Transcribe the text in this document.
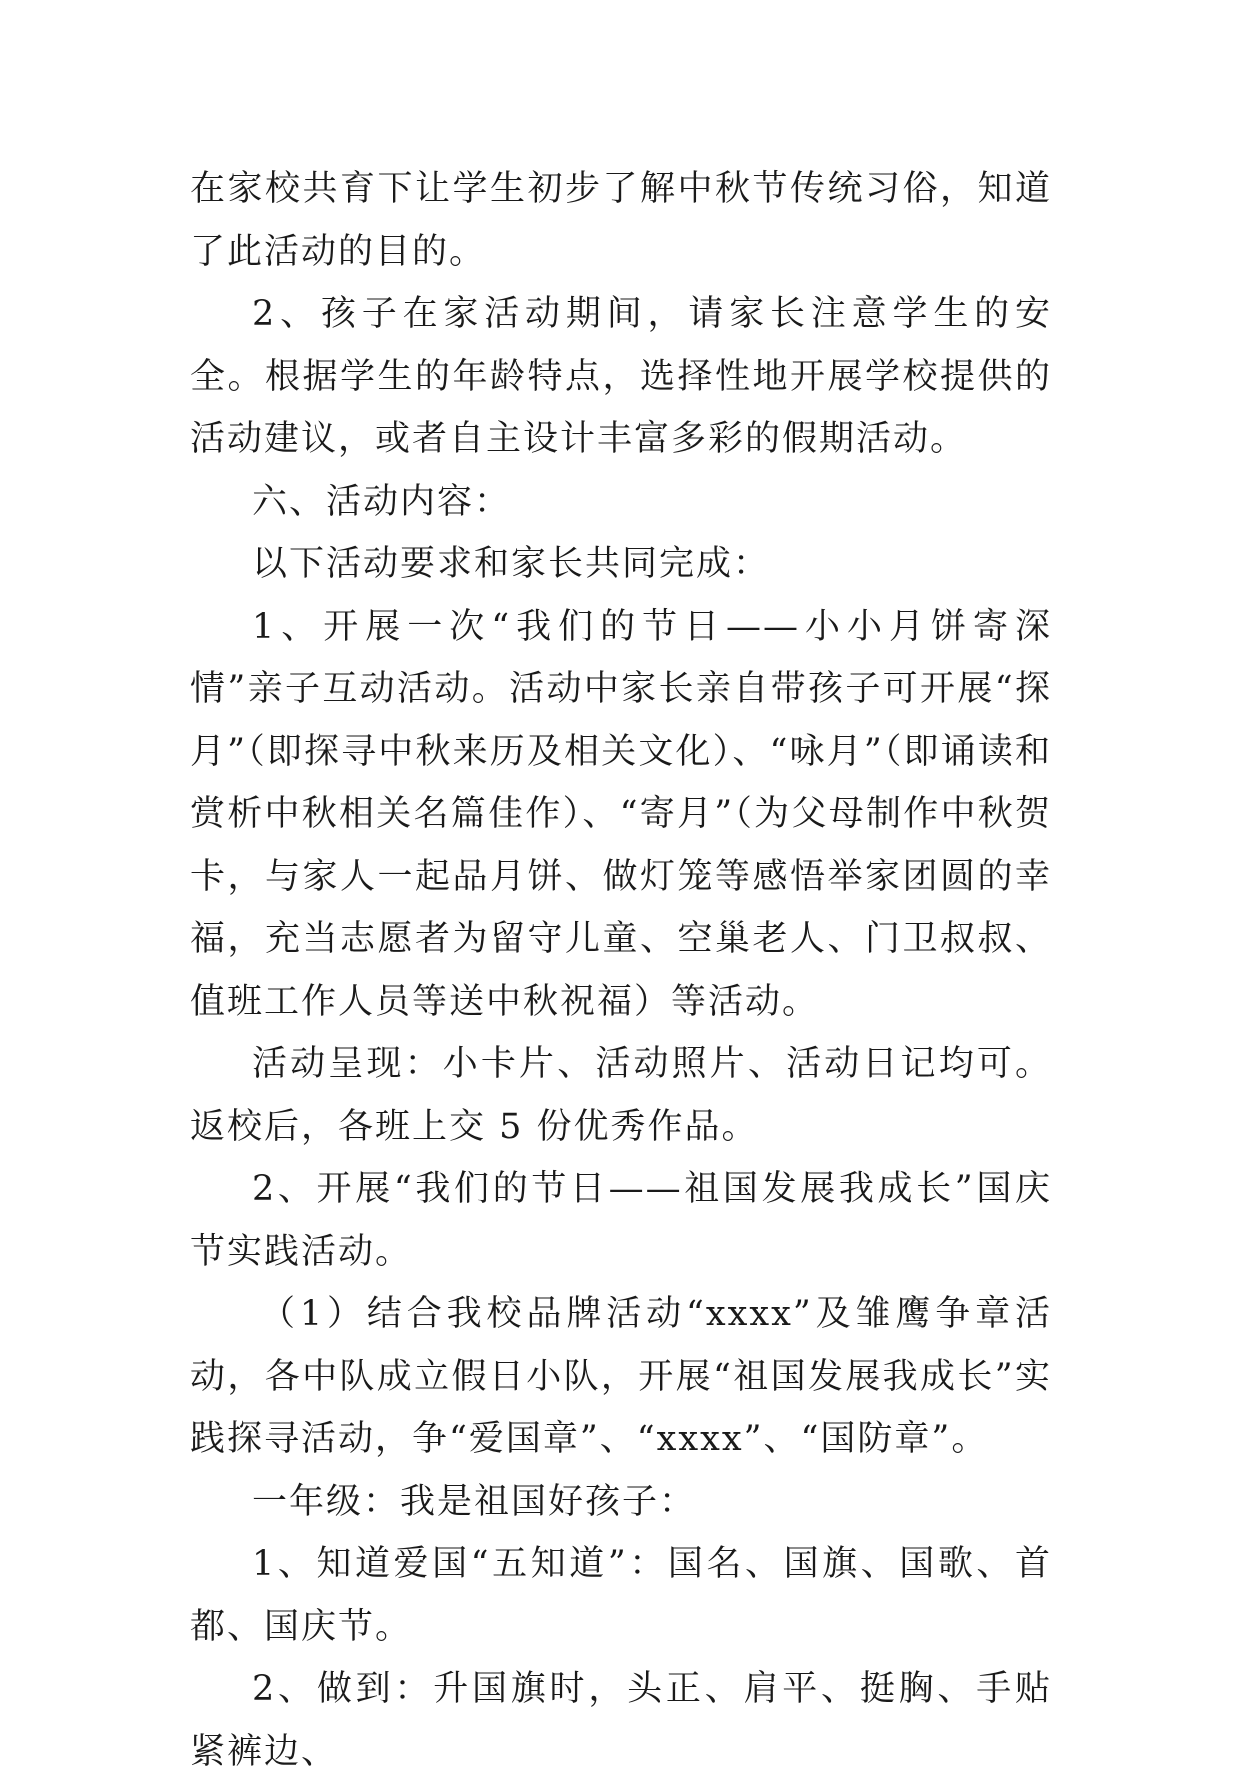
在家校共育下让学生初步了解中秋节传统习俗，知道了此活动的目的。

2、孩子在家活动期间，请家长注意学生的安全。根据学生的年龄特点，选择性地开展学校提供的活动建议，或者自主设计丰富多彩的假期活动。

六、活动内容：

以下活动要求和家长共同完成：

1、开展一次“我们的节日——小小月饼寄深情”亲子互动活动。活动中家长亲自带孩子可开展“探月”（即探寻中秋来历及相关文化）、“咏月”（即诵读和赏析中秋相关名篇佳作）、“寄月”（为父母制作中秋贺卡，与家人一起品月饼、做灯笼等感悟举家团圆的幸福，充当志愿者为留守儿童、空巢老人、门卫叔叔、值班工作人员等送中秋祝福）等活动。

活动呈现：小卡片、活动照片、活动日记均可。返校后，各班上交 5 份优秀作品。

2、开展“我们的节日——祖国发展我成长”国庆节实践活动。

（1）结合我校品牌活动“xxxx”及雏鹰争章活动，各中队成立假日小队，开展“祖国发展我成长”实践探寻活动，争“爱国章”、“xxxx”、“国防章”。

一年级：我是祖国好孩子：

1、知道爱国“五知道”：国名、国旗、国歌、首都、国庆节。

2、做到：升国旗时，头正、肩平、挺胸、手贴紧裤边、
